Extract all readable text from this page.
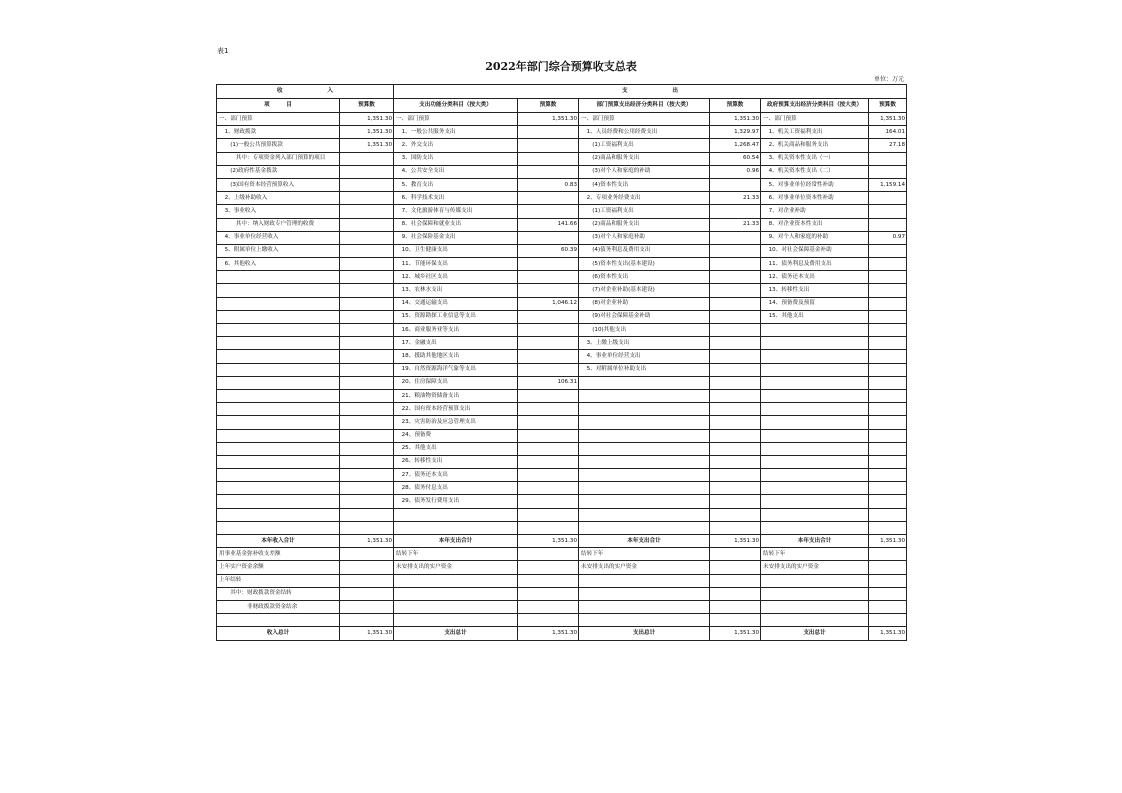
表1
2022年部门综合预算收支总表
单位：万元
收　　　　　　　　入		支　　　　　　　　出					
项　　　目	预算数	支出功能分类科目（按大类）	预算数	部门预算支出经济分类科目（按大类）	预算数	政府预算支出经济分类科目（按大类）	预算数
一、部门预算	1,351.30	一、部门预算	1,351.30	一、部门预算	1,351.30	一、部门预算	1,351.30
　1、财政拨款	1,351.30	　1、一般公共服务支出		　1、人员经费和公用经费支出	1,329.97	　1、机关工资福利支出	164.01
　　(1)一般公共预算拨款	1,351.30	　2、外交支出		　　(1)工资福利支出	1,268.47	　2、机关商品和服务支出	27.18
　　　其中：专项资金列入部门预算的项目		　3、国防支出		　　(2)商品和服务支出	60.54	　3、机关资本性支出（一）	
　　(2)政府性基金拨款		　4、公共安全支出		　　(3)对个人和家庭的补助	0.96	　4、机关资本性支出（二）	
　　(3)国有资本经营预算收入		　5、教育支出	0.83	　　(4)资本性支出		　5、对事业单位经常性补助	1,159.14
　2、上级补助收入		　6、科学技术支出		　2、专项业务经费支出	21.33	　6、对事业单位资本性补助	
　3、事业收入		　7、文化旅游体育与传媒支出		　　(1)工资福利支出		　7、对企业补助	
　　　其中：纳入财政专户管理的收费		　8、社会保障和就业支出	141.66	　　(2)商品和服务支出	21.33	　8、对企业资本性支出	
　4、事业单位经营收入		　9、社会保险基金支出		　　(3)对个人和家庭补助		　9、对个人和家庭的补助	0.97
　5、附属单位上缴收入		　10、卫生健康支出	60.39	　　(4)债务利息及费用支出		　10、对社会保障基金补助	
　6、其他收入		　11、节能环保支出		　　(5)资本性支出(基本建设)		　11、债务利息及费用支出	
		　12、城乡社区支出		　　(6)资本性支出		　12、债务还本支出	
		　13、农林水支出		　　(7)对企业补助(基本建设)		　13、转移性支出	
		　14、交通运输支出	1,046.12	　　(8)对企业补助		　14、预备费及预留	
		　15、资源勘探工业信息等支出		　　(9)对社会保障基金补助		　15、其他支出	
		　16、商业服务业等支出		　　(10)其他支出			
		　17、金融支出		　3、上缴上级支出			
		　18、援助其他地区支出		　4、事业单位经营支出			
		　19、自然资源海洋气象等支出		　5、对附属单位补助支出			
		　20、住房保障支出	106.31				
		　21、粮油物资储备支出					
		　22、国有资本经营预算支出					
		　23、灾害防治及应急管理支出					
		　24、预备费					
		　25、其他支出					
		　26、转移性支出					
		　27、债务还本支出					
		　28、债务付息支出					
		　29、债务发行费用支出					

本年收入合计	1,351.30	本年支出合计	1,351.30	本年支出合计	1,351.30	本年支出合计	1,351.30
用事业基金弥补收支差额		结转下年		结转下年		结转下年	
上年实户资金余额		未安排支出的实户资金		未安排支出的实户资金		未安排支出的实户资金	
上年结转							
　　其中：财政拨款资金结转							
　　　　　非财政拨款资金结余							

收入总计	1,351.30	支出总计	1,351.30	支出总计	1,351.30	支出总计	1,351.30
